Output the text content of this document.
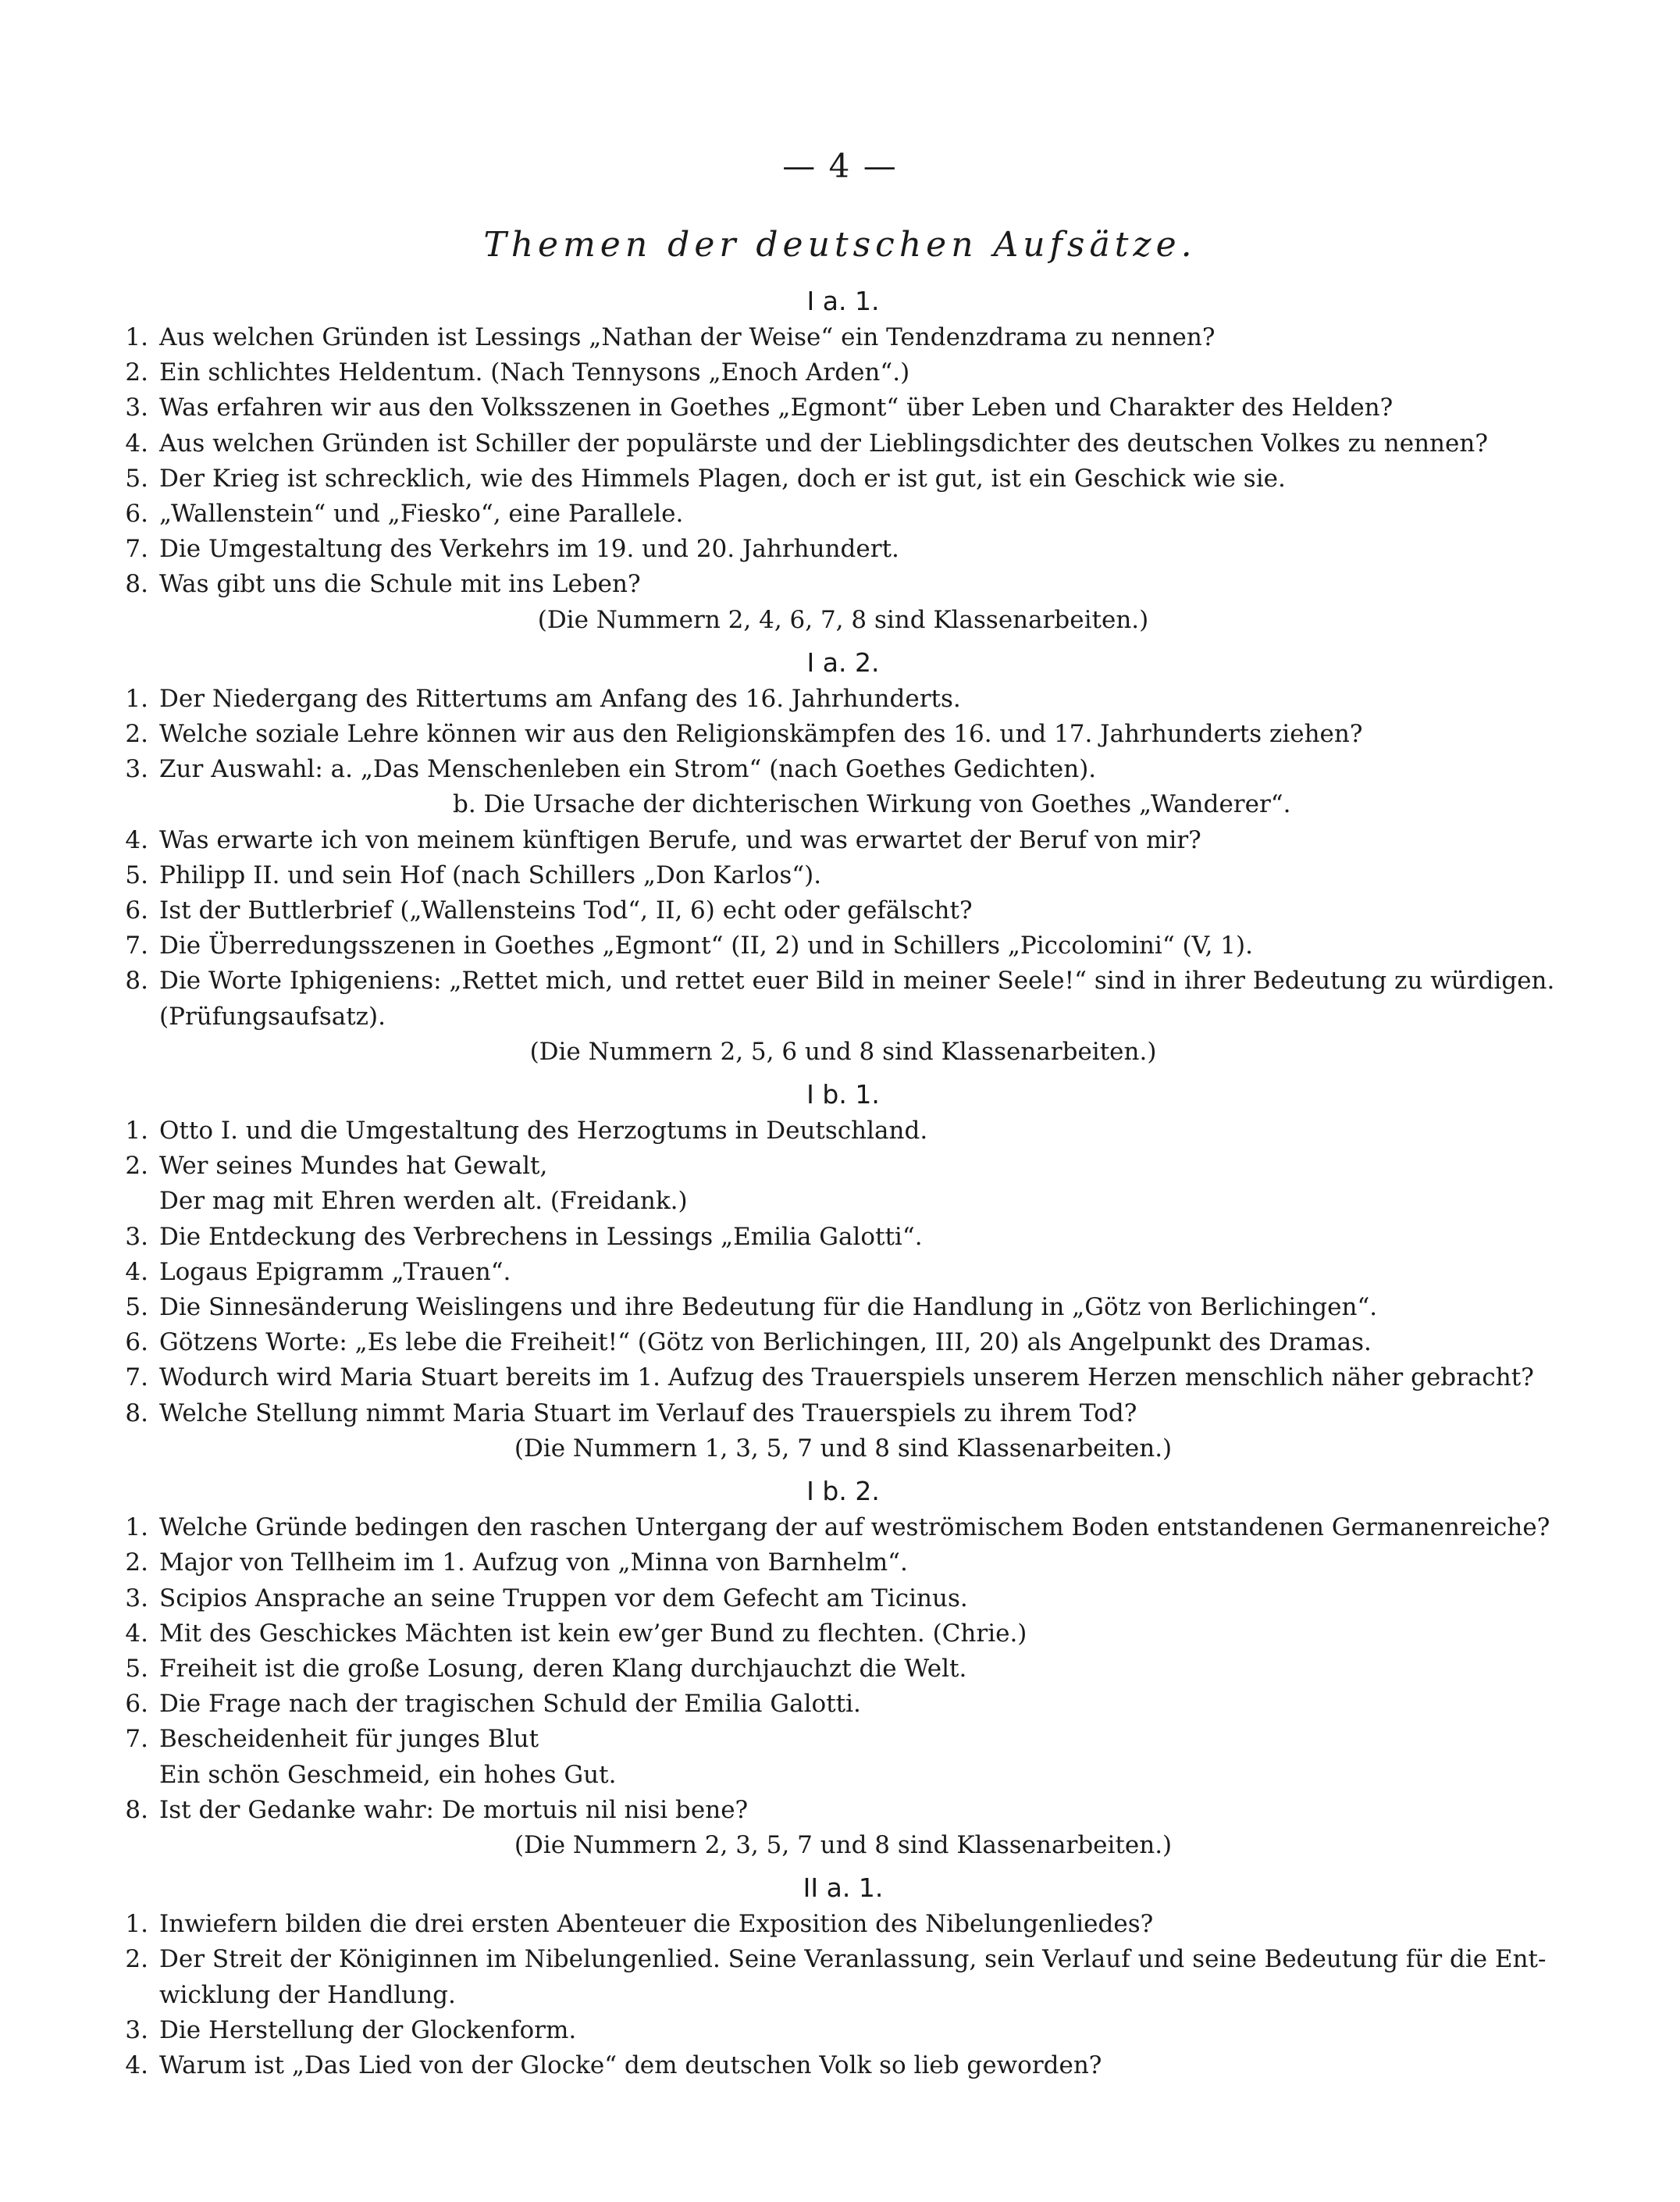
— 4 —
Themen der deutschen Aufsätze.
I a. 1.
1. Aus welchen Gründen ist Lessings „Nathan der Weise“ ein Tendenzdrama zu nennen?
2. Ein schlichtes Heldentum. (Nach Tennysons „Enoch Arden“.)
3. Was erfahren wir aus den Volksszenen in Goethes „Egmont“ über Leben und Charakter des Helden?
4. Aus welchen Gründen ist Schiller der populärste und der Lieblingsdichter des deutschen Volkes zu nennen?
5. Der Krieg ist schrecklich, wie des Himmels Plagen, doch er ist gut, ist ein Geschick wie sie.
6. „Wallenstein“ und „Fiesko“, eine Parallele.
7. Die Umgestaltung des Verkehrs im 19. und 20. Jahrhundert.
8. Was gibt uns die Schule mit ins Leben?
(Die Nummern 2, 4, 6, 7, 8 sind Klassenarbeiten.)
I a. 2.
1. Der Niedergang des Rittertums am Anfang des 16. Jahrhunderts.
2. Welche soziale Lehre können wir aus den Religionskämpfen des 16. und 17. Jahrhunderts ziehen?
3. Zur Auswahl: a. „Das Menschenleben ein Strom“ (nach Goethes Gedichten).
b. Die Ursache der dichterischen Wirkung von Goethes „Wanderer“.
4. Was erwarte ich von meinem künftigen Berufe, und was erwartet der Beruf von mir?
5. Philipp II. und sein Hof (nach Schillers „Don Karlos“).
6. Ist der Buttlerbrief („Wallensteins Tod“, II, 6) echt oder gefälscht?
7. Die Überredungsszenen in Goethes „Egmont“ (II, 2) und in Schillers „Piccolomini“ (V, 1).
8. Die Worte Iphigeniens: „Rettet mich, und rettet euer Bild in meiner Seele!“ sind in ihrer Bedeutung zu würdigen.
(Prüfungsaufsatz).
(Die Nummern 2, 5, 6 und 8 sind Klassenarbeiten.)
I b. 1.
1. Otto I. und die Umgestaltung des Herzogtums in Deutschland.
2. Wer seines Mundes hat Gewalt,
Der mag mit Ehren werden alt. (Freidank.)
3. Die Entdeckung des Verbrechens in Lessings „Emilia Galotti“.
4. Logaus Epigramm „Trauen“.
5. Die Sinnesänderung Weislingens und ihre Bedeutung für die Handlung in „Götz von Berlichingen“.
6. Götzens Worte: „Es lebe die Freiheit!“ (Götz von Berlichingen, III, 20) als Angelpunkt des Dramas.
7. Wodurch wird Maria Stuart bereits im 1. Aufzug des Trauerspiels unserem Herzen menschlich näher gebracht?
8. Welche Stellung nimmt Maria Stuart im Verlauf des Trauerspiels zu ihrem Tod?
(Die Nummern 1, 3, 5, 7 und 8 sind Klassenarbeiten.)
I b. 2.
1. Welche Gründe bedingen den raschen Untergang der auf weströmischem Boden entstandenen Germanenreiche?
2. Major von Tellheim im 1. Aufzug von „Minna von Barnhelm“.
3. Scipios Ansprache an seine Truppen vor dem Gefecht am Ticinus.
4. Mit des Geschickes Mächten ist kein ew’ger Bund zu flechten. (Chrie.)
5. Freiheit ist die große Losung, deren Klang durchjauchzt die Welt.
6. Die Frage nach der tragischen Schuld der Emilia Galotti.
7. Bescheidenheit für junges Blut
Ein schön Geschmeid, ein hohes Gut.
8. Ist der Gedanke wahr: De mortuis nil nisi bene?
(Die Nummern 2, 3, 5, 7 und 8 sind Klassenarbeiten.)
II a. 1.
1. Inwiefern bilden die drei ersten Abenteuer die Exposition des Nibelungenliedes?
2. Der Streit der Königinnen im Nibelungenlied. Seine Veranlassung, sein Verlauf und seine Bedeutung für die Ent-
wicklung der Handlung.
3. Die Herstellung der Glockenform.
4. Warum ist „Das Lied von der Glocke“ dem deutschen Volk so lieb geworden?
